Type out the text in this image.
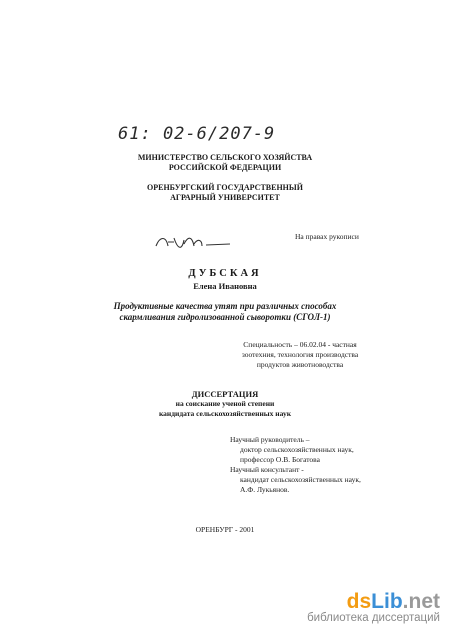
61: 02-6/207-9
МИНИСТЕРСТВО СЕЛЬСКОГО ХОЗЯЙСТВА
РОССИЙСКОЙ ФЕДЕРАЦИИ
ОРЕНБУРГСКИЙ ГОСУДАРСТВЕННЫЙ
АГРАРНЫЙ УНИВЕРСИТЕТ
На правах рукописи
ДУБСКАЯ
Елена Ивановна
Продуктивные качества утят при различных способах
скармливания гидролизованной сыворотки (СГОЛ-1)
Специальность – 06.02.04 - частная
зоотехния, технология производства
продуктов животноводства
ДИССЕРТАЦИЯ
на соискание ученой степени
кандидата сельскохозяйственных наук
Научный руководитель –
доктор сельскохозяйственных наук,
профессор О.В. Богатова
Научный консультант -
кандидат сельскохозяйственных наук,
А.Ф. Лукьянов.
ОРЕНБУРГ - 2001
dsLib.net
библиотека диссертаций
